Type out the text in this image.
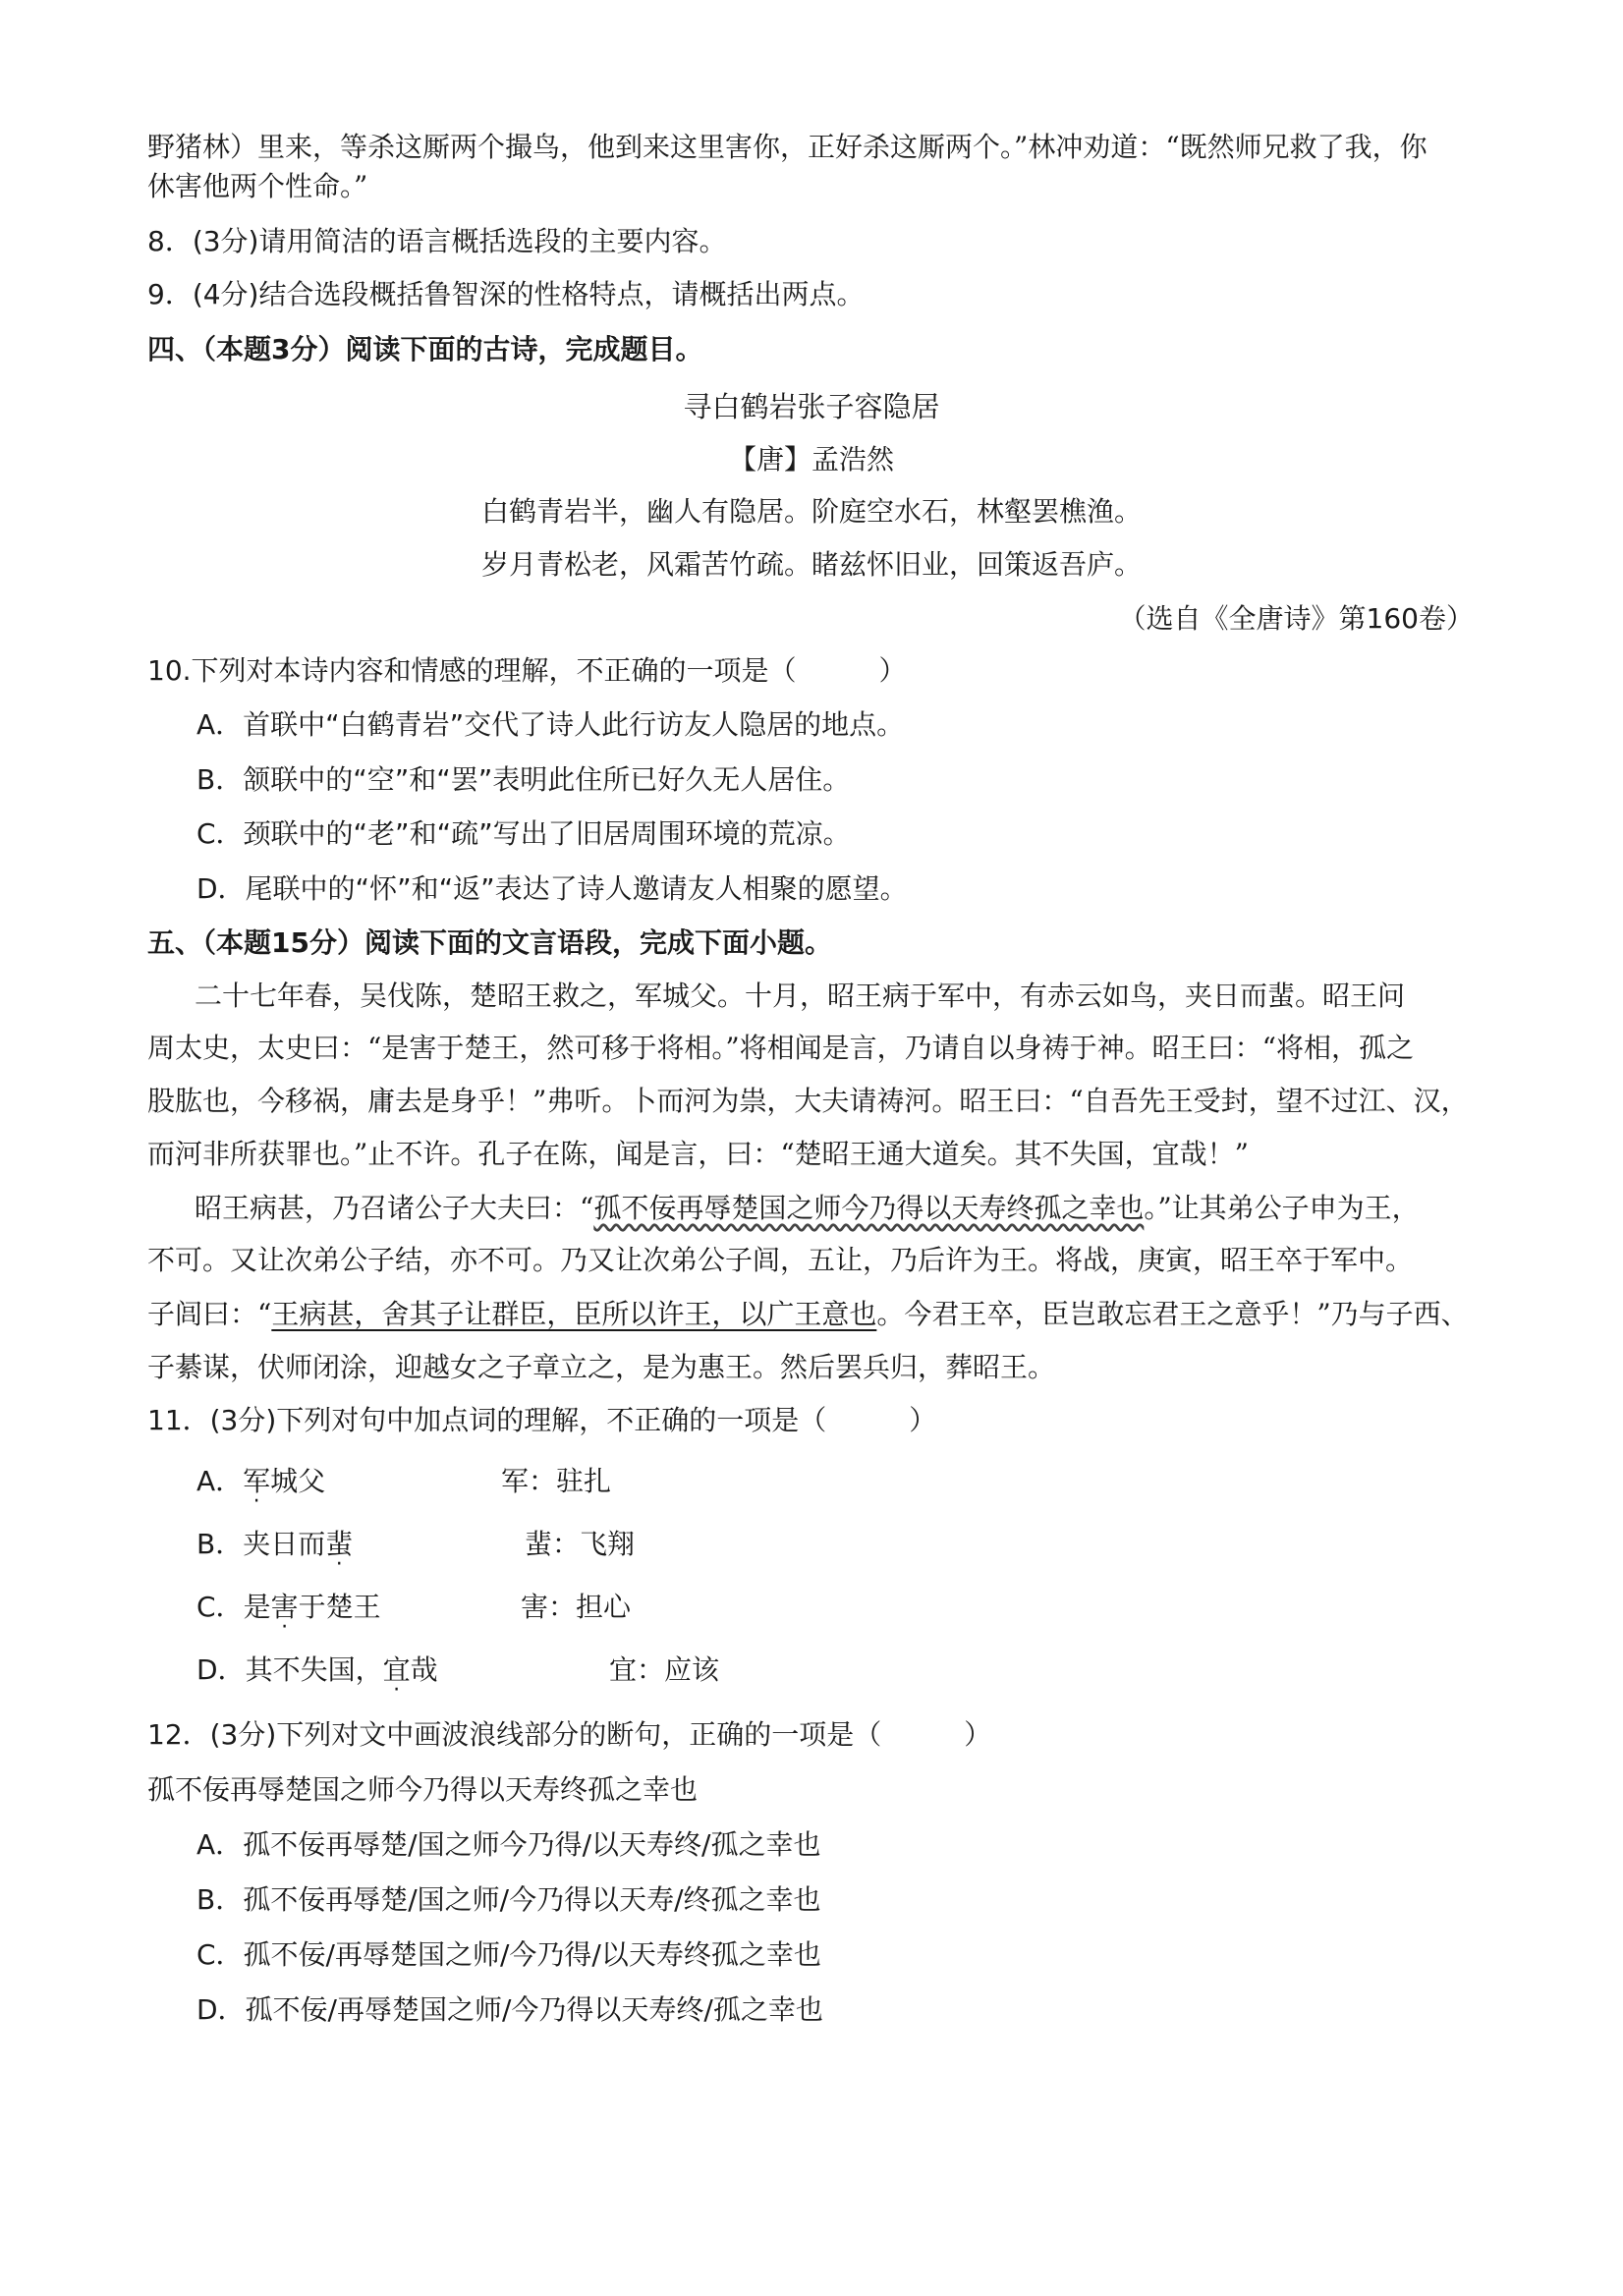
野猪林）里来，等杀这厮两个撮鸟，他到来这里害你，正好杀这厮两个。”林冲劝道：“既然师兄救了我，你
休害他两个性命。”
8．(3分)请用简洁的语言概括选段的主要内容。
9．(4分)结合选段概括鲁智深的性格特点，请概括出两点。
四、（本题3分）阅读下面的古诗，完成题目。
寻白鹤岩张子容隐居
【唐】孟浩然
白鹤青岩半，幽人有隐居。阶庭空水石，林壑罢樵渔。
岁月青松老，风霜苦竹疏。睹兹怀旧业，回策返吾庐。
（选自《全唐诗》第160卷）
10.下列对本诗内容和情感的理解，不正确的一项是（　　　）
A．首联中“白鹤青岩”交代了诗人此行访友人隐居的地点。
B．颔联中的“空”和“罢”表明此住所已好久无人居住。
C．颈联中的“老”和“疏”写出了旧居周围环境的荒凉。
D．尾联中的“怀”和“返”表达了诗人邀请友人相聚的愿望。
五、（本题15分）阅读下面的文言语段，完成下面小题。
二十七年春，吴伐陈，楚昭王救之，军城父。十月，昭王病于军中，有赤云如鸟，夹日而蜚。昭王问
周太史，太史曰：“是害于楚王，然可移于将相。”将相闻是言，乃请自以身祷于神。昭王曰：“将相，孤之
股肱也，今移祸，庸去是身乎！”弗听。卜而河为祟，大夫请祷河。昭王曰：“自吾先王受封，望不过江、汉，
而河非所获罪也。”止不许。孔子在陈，闻是言，曰：“楚昭王通大道矣。其不失国，宜哉！”
昭王病甚，乃召诸公子大夫曰：“孤不佞再辱楚国之师今乃得以天寿终孤之幸也。”让其弟公子申为王，
不可。又让次弟公子结，亦不可。乃又让次弟公子闾，五让，乃后许为王。将战，庚寅，昭王卒于军中。
子闾曰：“王病甚，舍其子让群臣，臣所以许王，以广王意也。今君王卒，臣岂敢忘君王之意乎！”乃与子西、
子綦谋，伏师闭涂，迎越女之子章立之，是为惠王。然后罢兵归，葬昭王。
11．(3分)下列对句中加点词的理解，不正确的一项是（　　　）
A．军城父	军：驻扎
B．夹日而蜚	蜚：飞翔
C．是害于楚王	害：担心
D．其不失国，宜哉	宜：应该
12．(3分)下列对文中画波浪线部分的断句，正确的一项是（　　　）
孤不佞再辱楚国之师今乃得以天寿终孤之幸也
A．孤不佞再辱楚/国之师今乃得/以天寿终/孤之幸也
B．孤不佞再辱楚/国之师/今乃得以天寿/终孤之幸也
C．孤不佞/再辱楚国之师/今乃得/以天寿终孤之幸也
D．孤不佞/再辱楚国之师/今乃得以天寿终/孤之幸也
